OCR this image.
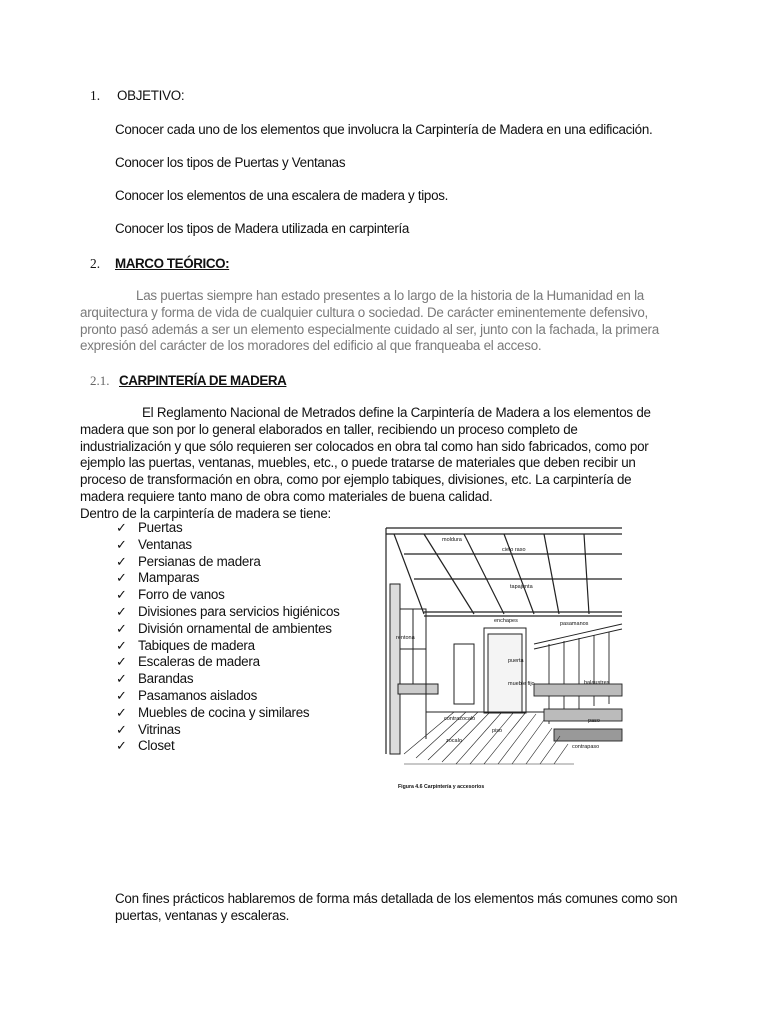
1. OBJETIVO:
Conocer cada uno de los elementos que involucra la Carpintería de Madera en una edificación.
Conocer los tipos de Puertas y Ventanas
Conocer los elementos de una escalera de madera y tipos.
Conocer los tipos de Madera utilizada en carpintería
2. MARCO TEÓRICO:
Las puertas siempre han estado presentes a lo largo de la historia de la Humanidad en la
arquitectura y forma de vida de cualquier cultura o sociedad. De carácter eminentemente defensivo,
pronto pasó además a ser un elemento especialmente cuidado al ser, junto con la fachada, la primera
expresión del carácter de los moradores del edificio al que franqueaba el acceso.
2.1. CARPINTERÍA DE MADERA
El Reglamento Nacional de Metrados define la Carpintería de Madera a los elementos de
madera que son por lo general elaborados en taller, recibiendo un proceso completo de
industrialización y que sólo requieren ser colocados en obra tal como han sido fabricados, como por
ejemplo las puertas, ventanas, muebles, etc., o puede tratarse de materiales que deben recibir un
proceso de transformación en obra, como por ejemplo tabiques, divisiones, etc. La carpintería de
madera requiere tanto mano de obra como materiales de buena calidad.
Dentro de la carpintería de madera se tiene:
✓ Puertas
✓ Ventanas
✓ Persianas de madera
✓ Mamparas
✓ Forro de vanos
✓ Divisiones para servicios higiénicos
✓ División ornamental de ambientes
✓ Tabiques de madera
✓ Escaleras de madera
✓ Barandas
✓ Pasamanos aislados
✓ Muebles de cocina y similares
✓ Vitrinas
✓ Closet
moldura
cielo raso
tapajunta
enchapes	pasamanos
rentona
puerta
mueble fijo	balaustres
paso
contrazocalo
piso
zocalo
contrapaso
Figura 4.6 Carpintería y accesorios
Con fines prácticos hablaremos de forma más detallada de los elementos más comunes como son
puertas, ventanas y escaleras.
